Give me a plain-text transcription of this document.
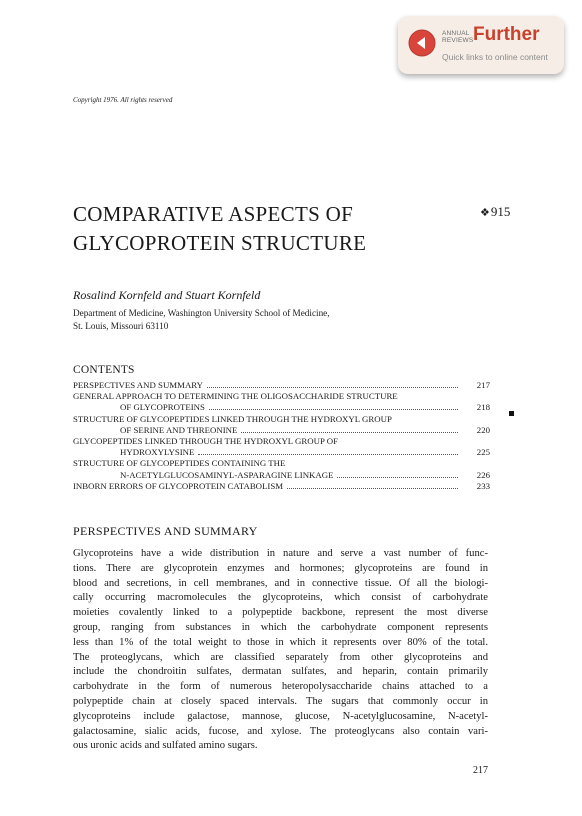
ANNUAL REVIEWS Further
Quick links to online content
Copyright 1976. All rights reserved
COMPARATIVE ASPECTS OF
GLYCOPROTEIN STRUCTURE
❖915
Rosalind Kornfeld and Stuart Kornfeld
Department of Medicine, Washington University School of Medicine,
St. Louis, Missouri 63110
CONTENTS
PERSPECTIVES AND SUMMARY	217
GENERAL APPROACH TO DETERMINING THE OLIGOSACCHARIDE STRUCTURE
OF GLYCOPROTEINS	218
STRUCTURE OF GLYCOPEPTIDES LINKED THROUGH THE HYDROXYL GROUP
OF SERINE AND THREONINE	220
GLYCOPEPTIDES LINKED THROUGH THE HYDROXYL GROUP OF
HYDROXYLYSINE	225
STRUCTURE OF GLYCOPEPTIDES CONTAINING THE
N-ACETYLGLUCOSAMINYL-ASPARAGINE LINKAGE	226
INBORN ERRORS OF GLYCOPROTEIN CATABOLISM	233
PERSPECTIVES AND SUMMARY
Glycoproteins have a wide distribution in nature and serve a vast number of func-
tions. There are glycoprotein enzymes and hormones; glycoproteins are found in
blood and secretions, in cell membranes, and in connective tissue. Of all the biologi-
cally occurring macromolecules the glycoproteins, which consist of carbohydrate
moieties covalently linked to a polypeptide backbone, represent the most diverse
group, ranging from substances in which the carbohydrate component represents
less than 1% of the total weight to those in which it represents over 80% of the total.
The proteoglycans, which are classified separately from other glycoproteins and
include the chondroitin sulfates, dermatan sulfates, and heparin, contain primarily
carbohydrate in the form of numerous heteropolysaccharide chains attached to a
polypeptide chain at closely spaced intervals. The sugars that commonly occur in
glycoproteins include galactose, mannose, glucose, N-acetylglucosamine, N-acetyl-
galactosamine, sialic acids, fucose, and xylose. The proteoglycans also contain vari-
ous uronic acids and sulfated amino sugars.
217
